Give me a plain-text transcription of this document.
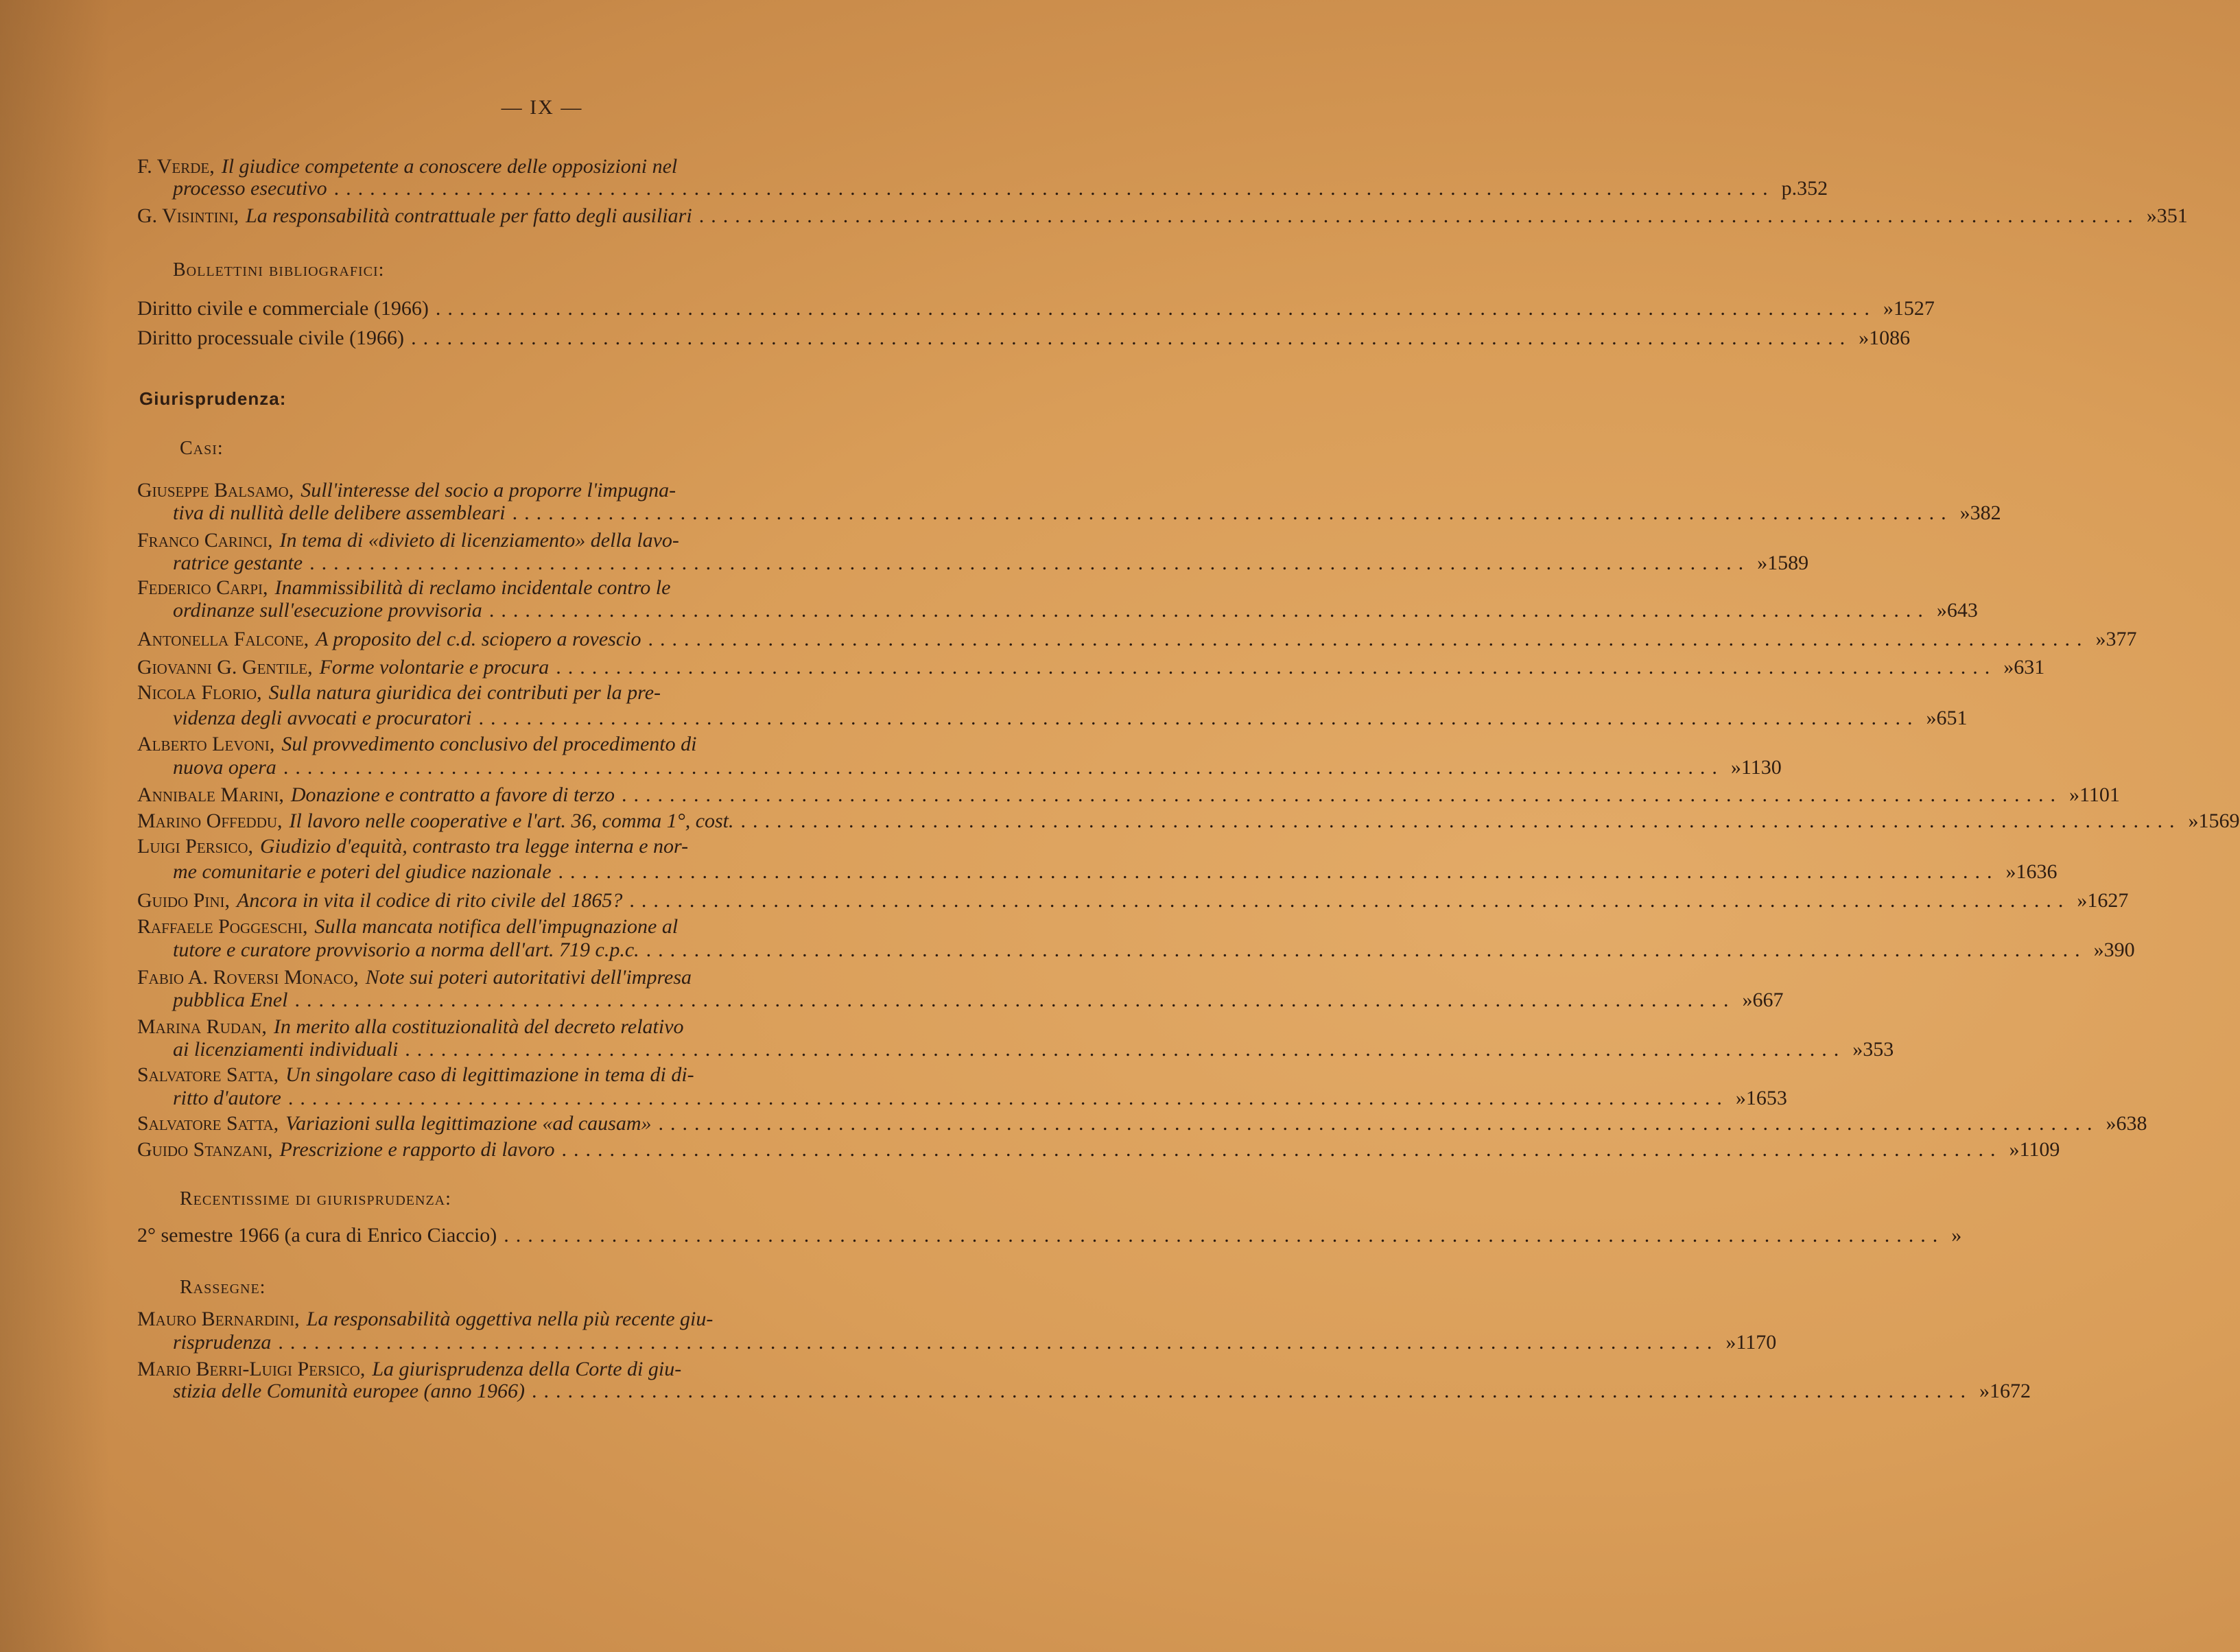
— IX —
F. Verde, Il giudice competente a conoscere delle opposizioni nel
processo esecutivo ........................................................................................................................ p. 352
G. Visintini, La responsabilità contrattuale per fatto degli ausiliari ........................................................................................................................ » 351
Bollettini bibliografici:
Diritto civile e commerciale (1966) ........................................................................................................................ » 1527
Diritto processuale civile (1966) ........................................................................................................................ » 1086
Giurisprudenza:
Casi:
Giuseppe Balsamo, Sull'interesse del socio a proporre l'impugna-
tiva di nullità delle delibere assembleari ........................................................................................................................ » 382
Franco Carinci, In tema di «divieto di licenziamento» della lavo-
ratrice gestante ........................................................................................................................ » 1589
Federico Carpi, Inammissibilità di reclamo incidentale contro le
ordinanze sull'esecuzione provvisoria ........................................................................................................................ » 643
Antonella Falcone, A proposito del c.d. sciopero a rovescio ........................................................................................................................ » 377
Giovanni G. Gentile, Forme volontarie e procura ........................................................................................................................ » 631
Nicola Florio, Sulla natura giuridica dei contributi per la pre-
videnza degli avvocati e procuratori ........................................................................................................................ » 651
Alberto Levoni, Sul provvedimento conclusivo del procedimento di
nuova opera ........................................................................................................................ » 1130
Annibale Marini, Donazione e contratto a favore di terzo ........................................................................................................................ » 1101
Marino Offeddu, Il lavoro nelle cooperative e l'art. 36, comma 1°, cost. ........................................................................................................................ » 1569
Luigi Persico, Giudizio d'equità, contrasto tra legge interna e nor-
me comunitarie e poteri del giudice nazionale ........................................................................................................................ » 1636
Guido Pini, Ancora in vita il codice di rito civile del 1865? ........................................................................................................................ » 1627
Raffaele Poggeschi, Sulla mancata notifica dell'impugnazione al
tutore e curatore provvisorio a norma dell'art. 719 c.p.c. ........................................................................................................................ » 390
Fabio A. Roversi Monaco, Note sui poteri autoritativi dell'impresa
pubblica Enel ........................................................................................................................ » 667
Marina Rudan, In merito alla costituzionalità del decreto relativo
ai licenziamenti individuali ........................................................................................................................ » 353
Salvatore Satta, Un singolare caso di legittimazione in tema di di-
ritto d'autore ........................................................................................................................ » 1653
Salvatore Satta, Variazioni sulla legittimazione «ad causam» ........................................................................................................................ » 638
Guido Stanzani, Prescrizione e rapporto di lavoro ........................................................................................................................ » 1109
Recentissime di giurisprudenza:
2° semestre 1966 (a cura di Enrico Ciaccio) ........................................................................................................................ »
Rassegne:
Mauro Bernardini, La responsabilità oggettiva nella più recente giu-
risprudenza ........................................................................................................................ » 1170
Mario Berri-Luigi Persico, La giurisprudenza della Corte di giu-
stizia delle Comunità europee (anno 1966) ........................................................................................................................ » 1672
